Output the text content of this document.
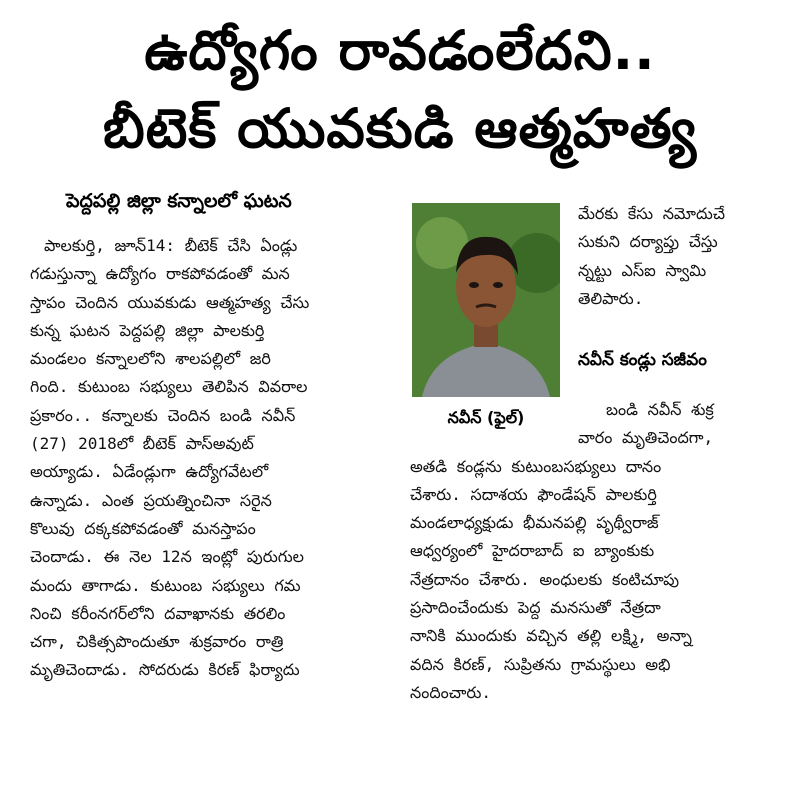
ఉద్యోగం రావడంలేదని..
బీటెక్ యువకుడి ఆత్మహత్య
పెద్దపల్లి జిల్లా కన్నాలలో ఘటన

పాలకుర్తి, జూన్14: బీటెక్ చేసి ఏండ్లు

గడుస్తున్నా ఉద్యోగం రాకపోవడంతో మన

స్తాపం చెందిన యువకుడు ఆత్మహత్య చేసు

కున్న ఘటన పెద్దపల్లి జిల్లా పాలకుర్తి

మండలం కన్నాలలోని శాలపల్లిలో జరి

గింది. కుటుంబ సభ్యులు తెలిపిన వివరాల

ప్రకారం.. కన్నాలకు చెందిన బండి నవీన్

(27) 2018లో బీటెక్ పాస్‌అవుట్

అయ్యాడు. ఏడేండ్లుగా ఉద్యోగవేటలో

ఉన్నాడు. ఎంత ప్రయత్నించినా సరైన

కొలువు దక్కకపోవడంతో మనస్తాపం

చెందాడు. ఈ నెల 12న ఇంట్లో పురుగుల

మందు తాగాడు. కుటుంబ సభ్యులు గమ

నించి కరీంనగర్‌లోని దవాఖానకు తరలిం

చగా, చికిత్సపొందుతూ శుక్రవారం రాత్రి

మృతిచెందాడు. సోదరుడు కిరణ్ ఫిర్యాదు

మేరకు కేసు నమోదుచే

సుకుని దర్యాప్తు చేస్తు

న్నట్టు ఎస్ఐ స్వామి

తెలిపారు.

నవీన్ కండ్లు సజీవం
నవీన్ (ఫైల్)	బండి నవీన్ శుక్ర

వారం మృతిచెందగా,

అతడి కండ్లను కుటుంబసభ్యులు దానం

చేశారు. సదాశయ ఫౌండేషన్ పాలకుర్తి

మండలాధ్యక్షుడు భీమనపల్లి పృథ్వీరాజ్

ఆధ్వర్యంలో హైదరాబాద్ ఐ బ్యాంకుకు

నేత్రదానం చేశారు. అంధులకు కంటిచూపు

ప్రసాదించేందుకు పెద్ద మనసుతో నేత్రదా

నానికి ముందుకు వచ్చిన తల్లి లక్ష్మి, అన్నా

వదిన కిరణ్, సుప్రితను గ్రామస్థులు అభి

నందించారు.
